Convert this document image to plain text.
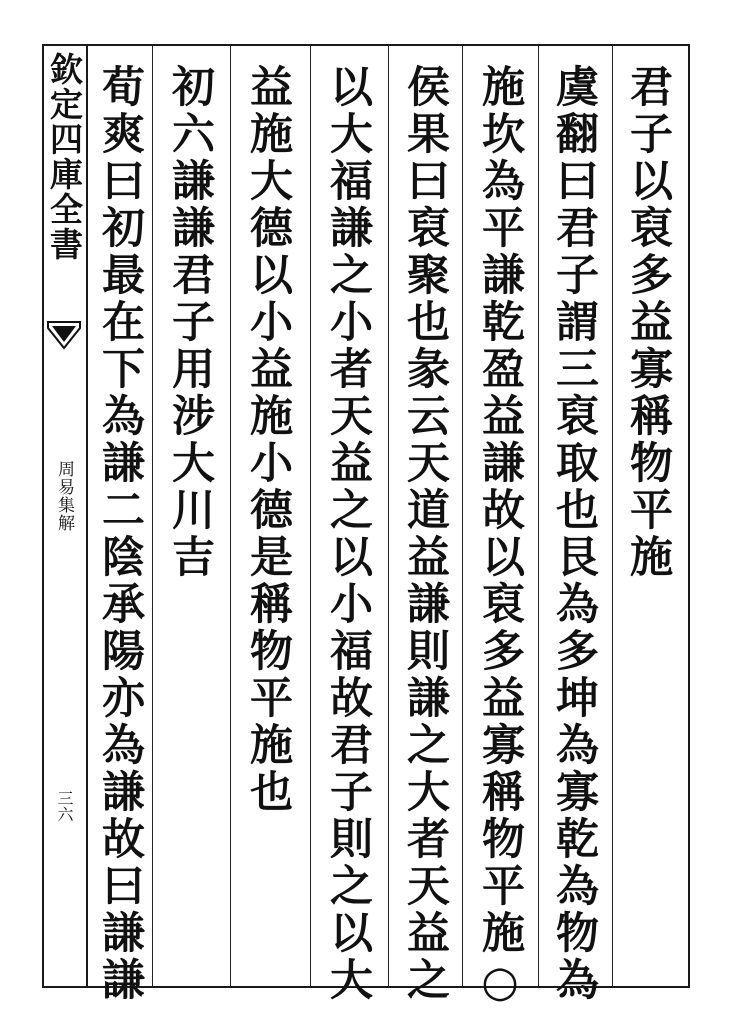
欽定四庫全書
周易集解
三六
君子以裒多益寡稱物平施
虞翻曰君子謂三裒取也艮為多坤為寡乾為物為
施坎為平謙乾盈益謙故以裒多益寡稱物平施○
侯果曰裒聚也彖云天道益謙則謙之大者天益之
以大福謙之小者天益之以小福故君子則之以大
益施大德以小益施小德是稱物平施也
初六謙謙君子用涉大川吉
荀爽曰初最在下為謙二陰承陽亦為謙故曰謙謙
